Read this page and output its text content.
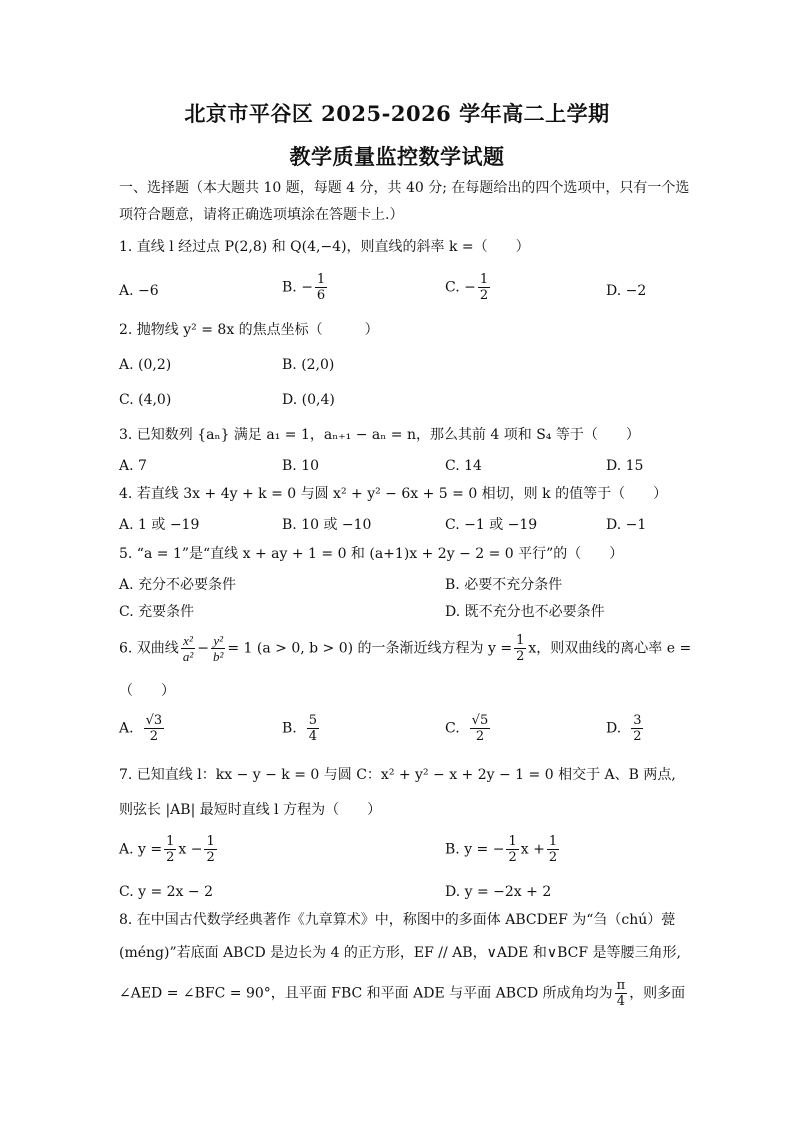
北京市平谷区 2025-2026 学年高二上学期
教学质量监控数学试题
一、选择题（本大题共 10 题，每题 4 分，共 40 分; 在每题给出的四个选项中，只有一个选
项符合题意，请将正确选项填涂在答题卡上.）
1. 直线 l 经过点 P(2,8) 和 Q(4,−4)，则直线的斜率 k =（　　）
A. −6	B. − $\frac{1}{6}$	C. − $\frac{1}{2}$	D. −2
2. 抛物线 y² = 8x 的焦点坐标（　　　）
A. (0,2)	B. (2,0)
C. (4,0)	D. (0,4)
3. 已知数列 {aₙ} 满足 a₁ = 1，aₙ₊₁ − aₙ = n，那么其前 4 项和 S₄ 等于（　　）
A. 7	B. 10	C. 14	D. 15
4. 若直线 3x + 4y + k = 0 与圆 x² + y² − 6x + 5 = 0 相切，则 k 的值等于（　　）
A. 1 或 −19	B. 10 或 −10	C. −1 或 −19	D. −1
5. “a = 1”是“直线 x + ay + 1 = 0 和 (a+1)x + 2y − 2 = 0 平行”的（　　）
A. 充分不必要条件	B. 必要不充分条件
C. 充要条件	D. 既不充分也不必要条件
6. 双曲线 $\frac{\text{x²}}{\text{a²}} - \frac{\text{y²}}{\text{b²}} = 1$ (a > 0, b > 0) 的一条渐近线方程为 $y = \frac{1}{2}$ x，则双曲线的离心率 e =
（　　）
A. $\frac{√3}{2}$	B. $\frac{5}{4}$	C. $\frac{√5}{2}$	D. $\frac{3}{2}$
7. 已知直线 l：kx − y − k = 0 与圆 C：x² + y² − x + 2y − 1 = 0 相交于 A、B 两点,
则弦长 |AB| 最短时直线 l 方程为（　　）
A. $y = \frac{1}{2}$ $x - \frac{1}{2}$	B. y = − $\frac{1}{2}$ $x + \frac{1}{2}$
C. y = 2x − 2	D. y = −2x + 2
8. 在中国古代数学经典著作《九章算术》中，称图中的多面体 ABCDEF 为“刍（chú）甍
(méng)”若底面 ABCD 是边长为 4 的正方形，EF // AB，∨ADE 和∨BCF 是等腰三角形,
∠AED = ∠BFC = 90°，且平面 FBC 和平面 ADE 与平面 ABCD 所成角均为 $\frac{\pi}{4}$ ，则多面
